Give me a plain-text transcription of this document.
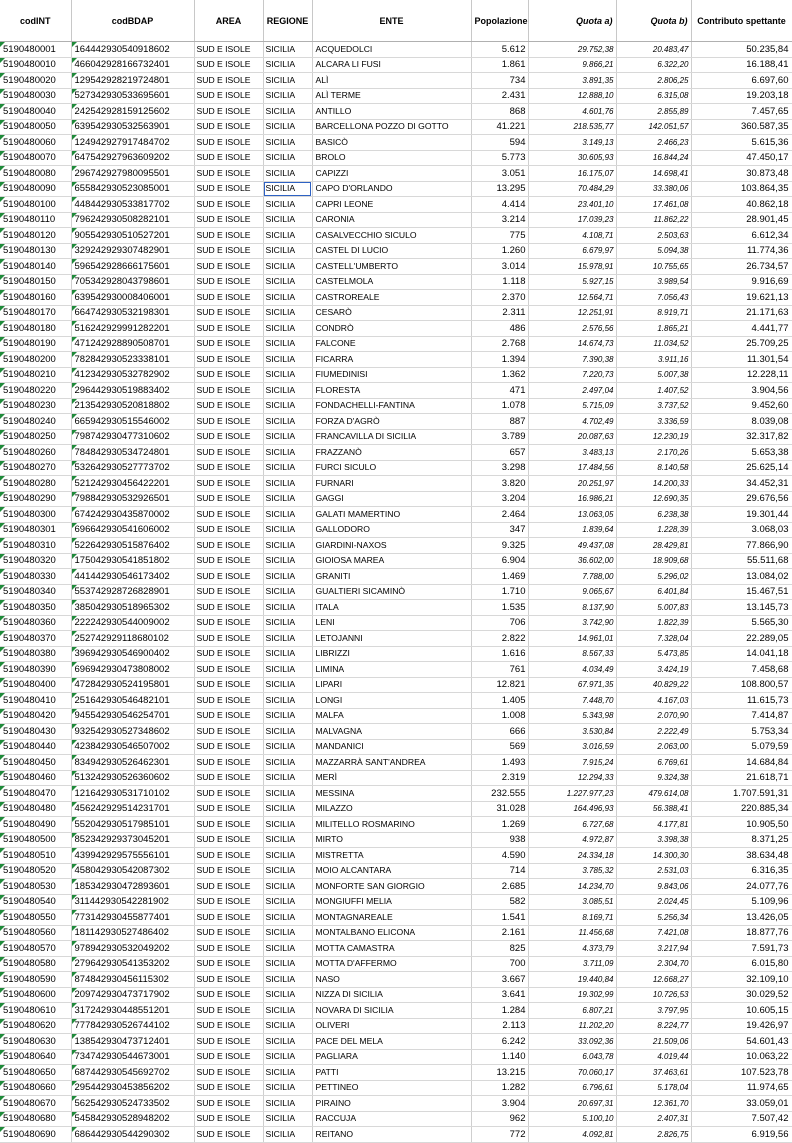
codINT	codBDAP	AREA	REGIONE	ENTE	Popolazione	Quota a)	Quota b)	Contributo spettante
5190480001	164442930540918602	SUD E ISOLE	SICILIA	ACQUEDOLCI	5.612	29.752,38	20.483,47	50.235,84
5190480010	466042928166732401	SUD E ISOLE	SICILIA	ALCARA LI FUSI	1.861	9.866,21	6.322,20	16.188,41
5190480020	129542928219724801	SUD E ISOLE	SICILIA	ALÌ	734	3.891,35	2.806,25	6.697,60
5190480030	527342930533695601	SUD E ISOLE	SICILIA	ALÌ TERME	2.431	12.888,10	6.315,08	19.203,18
5190480040	242542928159125602	SUD E ISOLE	SICILIA	ANTILLO	868	4.601,76	2.855,89	7.457,65
5190480050	639542930532563901	SUD E ISOLE	SICILIA	BARCELLONA POZZO DI GOTTO	41.221	218.535,77	142.051,57	360.587,35
5190480060	124942927917484702	SUD E ISOLE	SICILIA	BASICÒ	594	3.149,13	2.466,23	5.615,36
5190480070	647542927963609202	SUD E ISOLE	SICILIA	BROLO	5.773	30.605,93	16.844,24	47.450,17
5190480080	296742927980095501	SUD E ISOLE	SICILIA	CAPIZZI	3.051	16.175,07	14.698,41	30.873,48
5190480090	655842930523085001	SUD E ISOLE	SICILIA	CAPO D'ORLANDO	13.295	70.484,29	33.380,06	103.864,35
5190480100	448442930533817702	SUD E ISOLE	SICILIA	CAPRI LEONE	4.414	23.401,10	17.461,08	40.862,18
5190480110	796242930508282101	SUD E ISOLE	SICILIA	CARONIA	3.214	17.039,23	11.862,22	28.901,45
5190480120	905542930510527201	SUD E ISOLE	SICILIA	CASALVECCHIO SICULO	775	4.108,71	2.503,63	6.612,34
5190480130	329242929307482901	SUD E ISOLE	SICILIA	CASTEL DI LUCIO	1.260	6.679,97	5.094,38	11.774,36
5190480140	596542928666175601	SUD E ISOLE	SICILIA	CASTELL'UMBERTO	3.014	15.978,91	10.755,65	26.734,57
5190480150	705342928043798601	SUD E ISOLE	SICILIA	CASTELMOLA	1.118	5.927,15	3.989,54	9.916,69
5190480160	639542930008406001	SUD E ISOLE	SICILIA	CASTROREALE	2.370	12.564,71	7.056,43	19.621,13
5190480170	664742930532198301	SUD E ISOLE	SICILIA	CESARÒ	2.311	12.251,91	8.919,71	21.171,63
5190480180	516242929991282201	SUD E ISOLE	SICILIA	CONDRÒ	486	2.576,56	1.865,21	4.441,77
5190480190	471242928890508701	SUD E ISOLE	SICILIA	FALCONE	2.768	14.674,73	11.034,52	25.709,25
5190480200	782842930523338101	SUD E ISOLE	SICILIA	FICARRA	1.394	7.390,38	3.911,16	11.301,54
5190480210	412342930532782902	SUD E ISOLE	SICILIA	FIUMEDINISI	1.362	7.220,73	5.007,38	12.228,11
5190480220	296442930519883402	SUD E ISOLE	SICILIA	FLORESTA	471	2.497,04	1.407,52	3.904,56
5190480230	213542930520818802	SUD E ISOLE	SICILIA	FONDACHELLI-FANTINA	1.078	5.715,09	3.737,52	9.452,60
5190480240	665942930515546002	SUD E ISOLE	SICILIA	FORZA D'AGRÒ	887	4.702,49	3.336,59	8.039,08
5190480250	798742930477310602	SUD E ISOLE	SICILIA	FRANCAVILLA DI SICILIA	3.789	20.087,63	12.230,19	32.317,82
5190480260	784842930534724801	SUD E ISOLE	SICILIA	FRAZZANÒ	657	3.483,13	2.170,26	5.653,38
5190480270	532642930527773702	SUD E ISOLE	SICILIA	FURCI SICULO	3.298	17.484,56	8.140,58	25.625,14
5190480280	521242930456422201	SUD E ISOLE	SICILIA	FURNARI	3.820	20.251,97	14.200,33	34.452,31
5190480290	798842930532926501	SUD E ISOLE	SICILIA	GAGGI	3.204	16.986,21	12.690,35	29.676,56
5190480300	674242930435870002	SUD E ISOLE	SICILIA	GALATI MAMERTINO	2.464	13.063,05	6.238,38	19.301,44
5190480301	696642930541606002	SUD E ISOLE	SICILIA	GALLODORO	347	1.839,64	1.228,39	3.068,03
5190480310	522642930515876402	SUD E ISOLE	SICILIA	GIARDINI-NAXOS	9.325	49.437,08	28.429,81	77.866,90
5190480320	175042930541851802	SUD E ISOLE	SICILIA	GIOIOSA MAREA	6.904	36.602,00	18.909,68	55.511,68
5190480330	441442930546173402	SUD E ISOLE	SICILIA	GRANITI	1.469	7.788,00	5.296,02	13.084,02
5190480340	553742928726828901	SUD E ISOLE	SICILIA	GUALTIERI SICAMINÒ	1.710	9.065,67	6.401,84	15.467,51
5190480350	385042930518965302	SUD E ISOLE	SICILIA	ITALA	1.535	8.137,90	5.007,83	13.145,73
5190480360	222242930544009002	SUD E ISOLE	SICILIA	LENI	706	3.742,90	1.822,39	5.565,30
5190480370	252742929118680102	SUD E ISOLE	SICILIA	LETOJANNI	2.822	14.961,01	7.328,04	22.289,05
5190480380	396942930546900402	SUD E ISOLE	SICILIA	LIBRIZZI	1.616	8.567,33	5.473,85	14.041,18
5190480390	696942930473808002	SUD E ISOLE	SICILIA	LIMINA	761	4.034,49	3.424,19	7.458,68
5190480400	472842930524195801	SUD E ISOLE	SICILIA	LIPARI	12.821	67.971,35	40.829,22	108.800,57
5190480410	251642930546482101	SUD E ISOLE	SICILIA	LONGI	1.405	7.448,70	4.167,03	11.615,73
5190480420	945542930546254701	SUD E ISOLE	SICILIA	MALFA	1.008	5.343,98	2.070,90	7.414,87
5190480430	932542930527348602	SUD E ISOLE	SICILIA	MALVAGNA	666	3.530,84	2.222,49	5.753,34
5190480440	423842930546507002	SUD E ISOLE	SICILIA	MANDANICI	569	3.016,59	2.063,00	5.079,59
5190480450	834942930526462301	SUD E ISOLE	SICILIA	MAZZARRÀ SANT'ANDREA	1.493	7.915,24	6.769,61	14.684,84
5190480460	513242930526360602	SUD E ISOLE	SICILIA	MERÌ	2.319	12.294,33	9.324,38	21.618,71
5190480470	121642930531710102	SUD E ISOLE	SICILIA	MESSINA	232.555	1.227.977,23	479.614,08	1.707.591,31
5190480480	456242929514231701	SUD E ISOLE	SICILIA	MILAZZO	31.028	164.496,93	56.388,41	220.885,34
5190480490	552042930517985101	SUD E ISOLE	SICILIA	MILITELLO ROSMARINO	1.269	6.727,68	4.177,81	10.905,50
5190480500	852342929373045201	SUD E ISOLE	SICILIA	MIRTO	938	4.972,87	3.398,38	8.371,25
5190480510	439942929575556101	SUD E ISOLE	SICILIA	MISTRETTA	4.590	24.334,18	14.300,30	38.634,48
5190480520	458042930542087302	SUD E ISOLE	SICILIA	MOIO ALCANTARA	714	3.785,32	2.531,03	6.316,35
5190480530	185342930472893601	SUD E ISOLE	SICILIA	MONFORTE SAN GIORGIO	2.685	14.234,70	9.843,06	24.077,76
5190480540	311442930542281902	SUD E ISOLE	SICILIA	MONGIUFFI MELIA	582	3.085,51	2.024,45	5.109,96
5190480550	773142930455877401	SUD E ISOLE	SICILIA	MONTAGNAREALE	1.541	8.169,71	5.256,34	13.426,05
5190480560	181142930527486402	SUD E ISOLE	SICILIA	MONTALBANO ELICONA	2.161	11.456,68	7.421,08	18.877,76
5190480570	978942930532049202	SUD E ISOLE	SICILIA	MOTTA CAMASTRA	825	4.373,79	3.217,94	7.591,73
5190480580	279642930541353202	SUD E ISOLE	SICILIA	MOTTA D'AFFERMO	700	3.711,09	2.304,70	6.015,80
5190480590	874842930456115302	SUD E ISOLE	SICILIA	NASO	3.667	19.440,84	12.668,27	32.109,10
5190480600	209742930473717902	SUD E ISOLE	SICILIA	NIZZA DI SICILIA	3.641	19.302,99	10.726,53	30.029,52
5190480610	317242930448551201	SUD E ISOLE	SICILIA	NOVARA DI SICILIA	1.284	6.807,21	3.797,95	10.605,15
5190480620	777842930526744102	SUD E ISOLE	SICILIA	OLIVERI	2.113	11.202,20	8.224,77	19.426,97
5190480630	138542930473712401	SUD E ISOLE	SICILIA	PACE DEL MELA	6.242	33.092,36	21.509,06	54.601,43
5190480640	734742930544673001	SUD E ISOLE	SICILIA	PAGLIARA	1.140	6.043,78	4.019,44	10.063,22
5190480650	687442930545692702	SUD E ISOLE	SICILIA	PATTI	13.215	70.060,17	37.463,61	107.523,78
5190480660	295442930453856202	SUD E ISOLE	SICILIA	PETTINEO	1.282	6.796,61	5.178,04	11.974,65
5190480670	562542930524733502	SUD E ISOLE	SICILIA	PIRAINO	3.904	20.697,31	12.361,70	33.059,01
5190480680	545842930528948202	SUD E ISOLE	SICILIA	RACCUJA	962	5.100,10	2.407,31	7.507,42
5190480690	686442930544290302	SUD E ISOLE	SICILIA	REITANO	772	4.092,81	2.826,75	6.919,56
